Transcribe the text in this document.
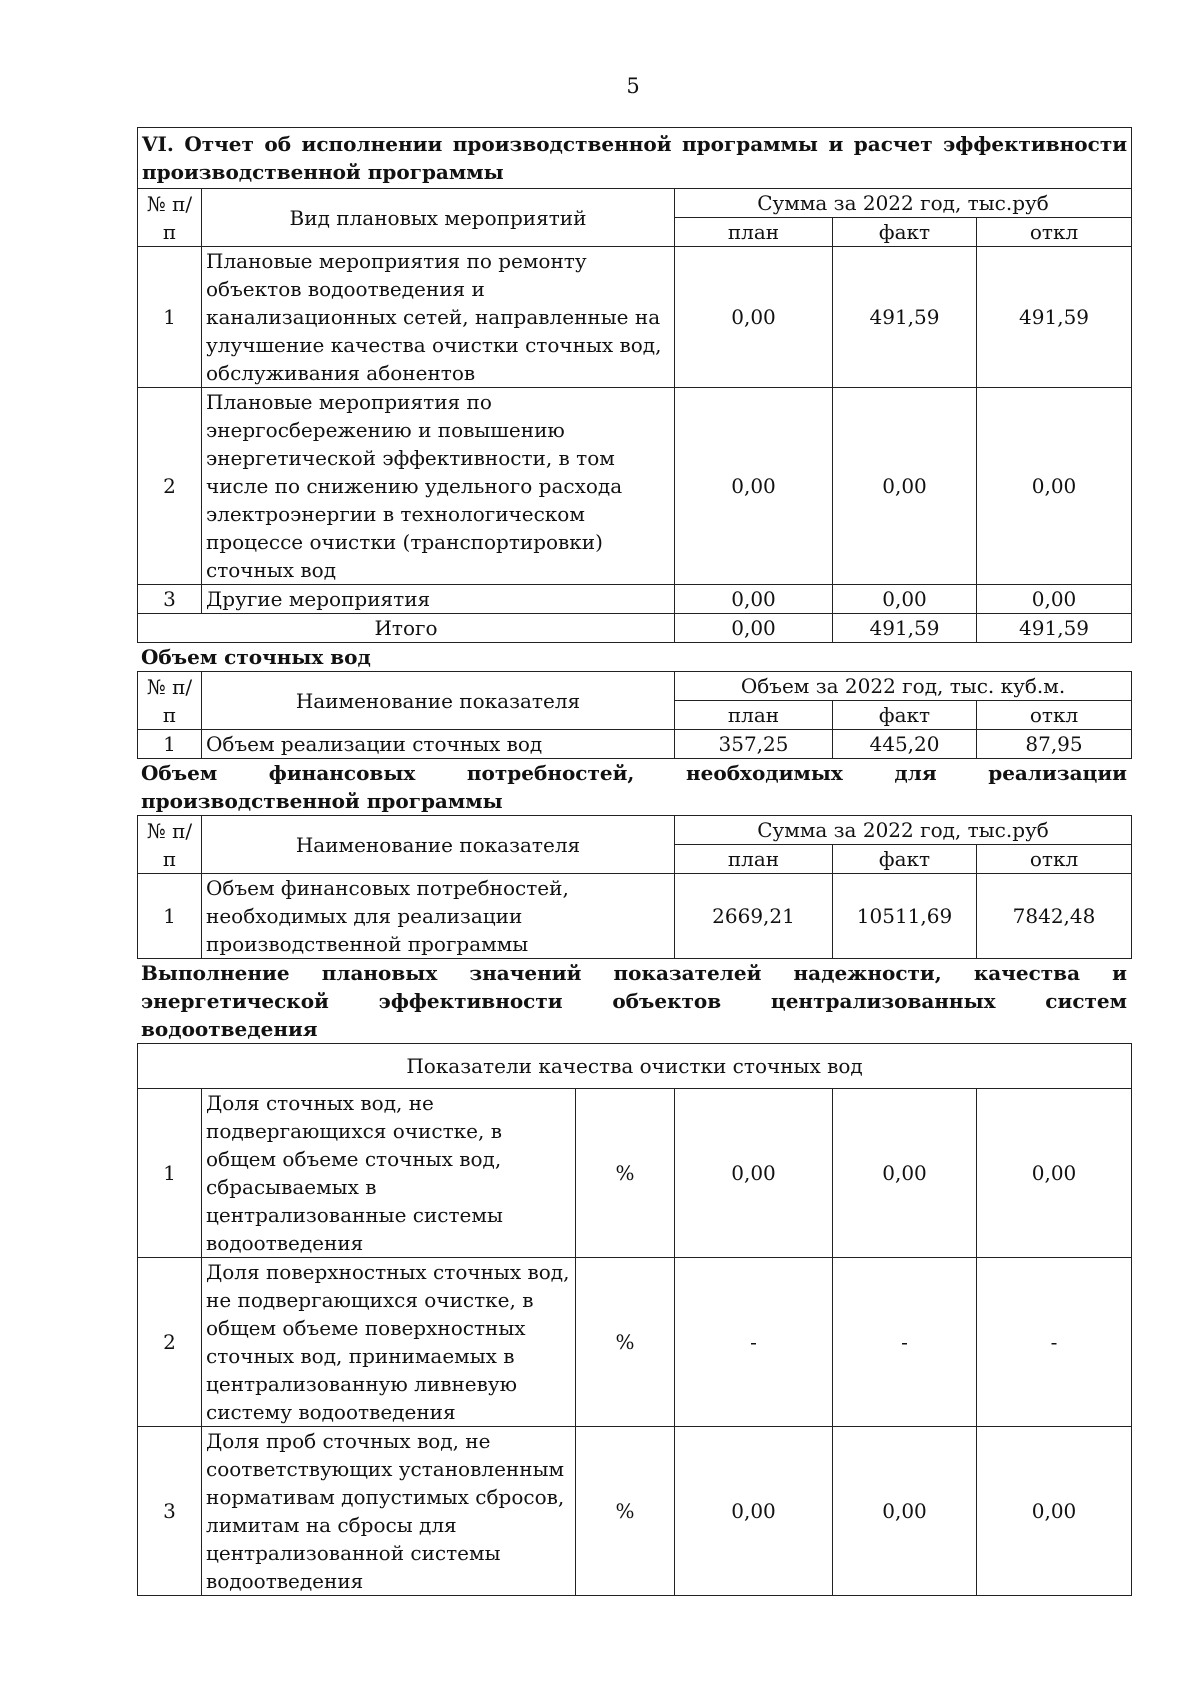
5
VI. Отчет об исполнении производственной программы и расчет эффективности производственной программы				
№ п/п	Вид плановых мероприятий	Сумма за 2022 год, тыс.руб		
		план	факт	откл
1	Плановые мероприятия по ремонту объектов водоотведения и канализационных сетей, направленные на улучшение качества очистки сточных вод, обслуживания абонентов	0,00	491,59	491,59
2	Плановые мероприятия по энергосбережению и повышению энергетической эффективности, в том числе по снижению удельного расхода электроэнергии в технологическом процессе очистки (транспортировки) сточных вод	0,00	0,00	0,00
3	Другие мероприятия	0,00	0,00	0,00
Итого		0,00	491,59	491,59
Объем сточных вод
№ п/п	Наименование показателя	Объем за 2022 год, тыс. куб.м.		
		план	факт	откл
1	Объем реализации сточных вод	357,25	445,20	87,95
Объем финансовых потребностей, необходимых для реализации производственной программы
№ п/п	Наименование показателя	Сумма за 2022 год, тыс.руб		
		план	факт	откл
1	Объем финансовых потребностей, необходимых для реализации производственной программы	2669,21	10511,69	7842,48
Выполнение плановых значений показателей надежности, качества и энергетической эффективности объектов централизованных систем водоотведения
Показатели качества очистки сточных вод					
1	Доля сточных вод, не подвергающихся очистке, в общем объеме сточных вод, сбрасываемых в централизованные системы водоотведения	%	0,00	0,00	0,00
2	Доля поверхностных сточных вод, не подвергающихся очистке, в общем объеме поверхностных сточных вод, принимаемых в централизованную ливневую систему водоотведения	%	-	-	-
3	Доля проб сточных вод, не соответствующих установленным нормативам допустимых сбросов, лимитам на сбросы для централизованной системы водоотведения	%	0,00	0,00	0,00
